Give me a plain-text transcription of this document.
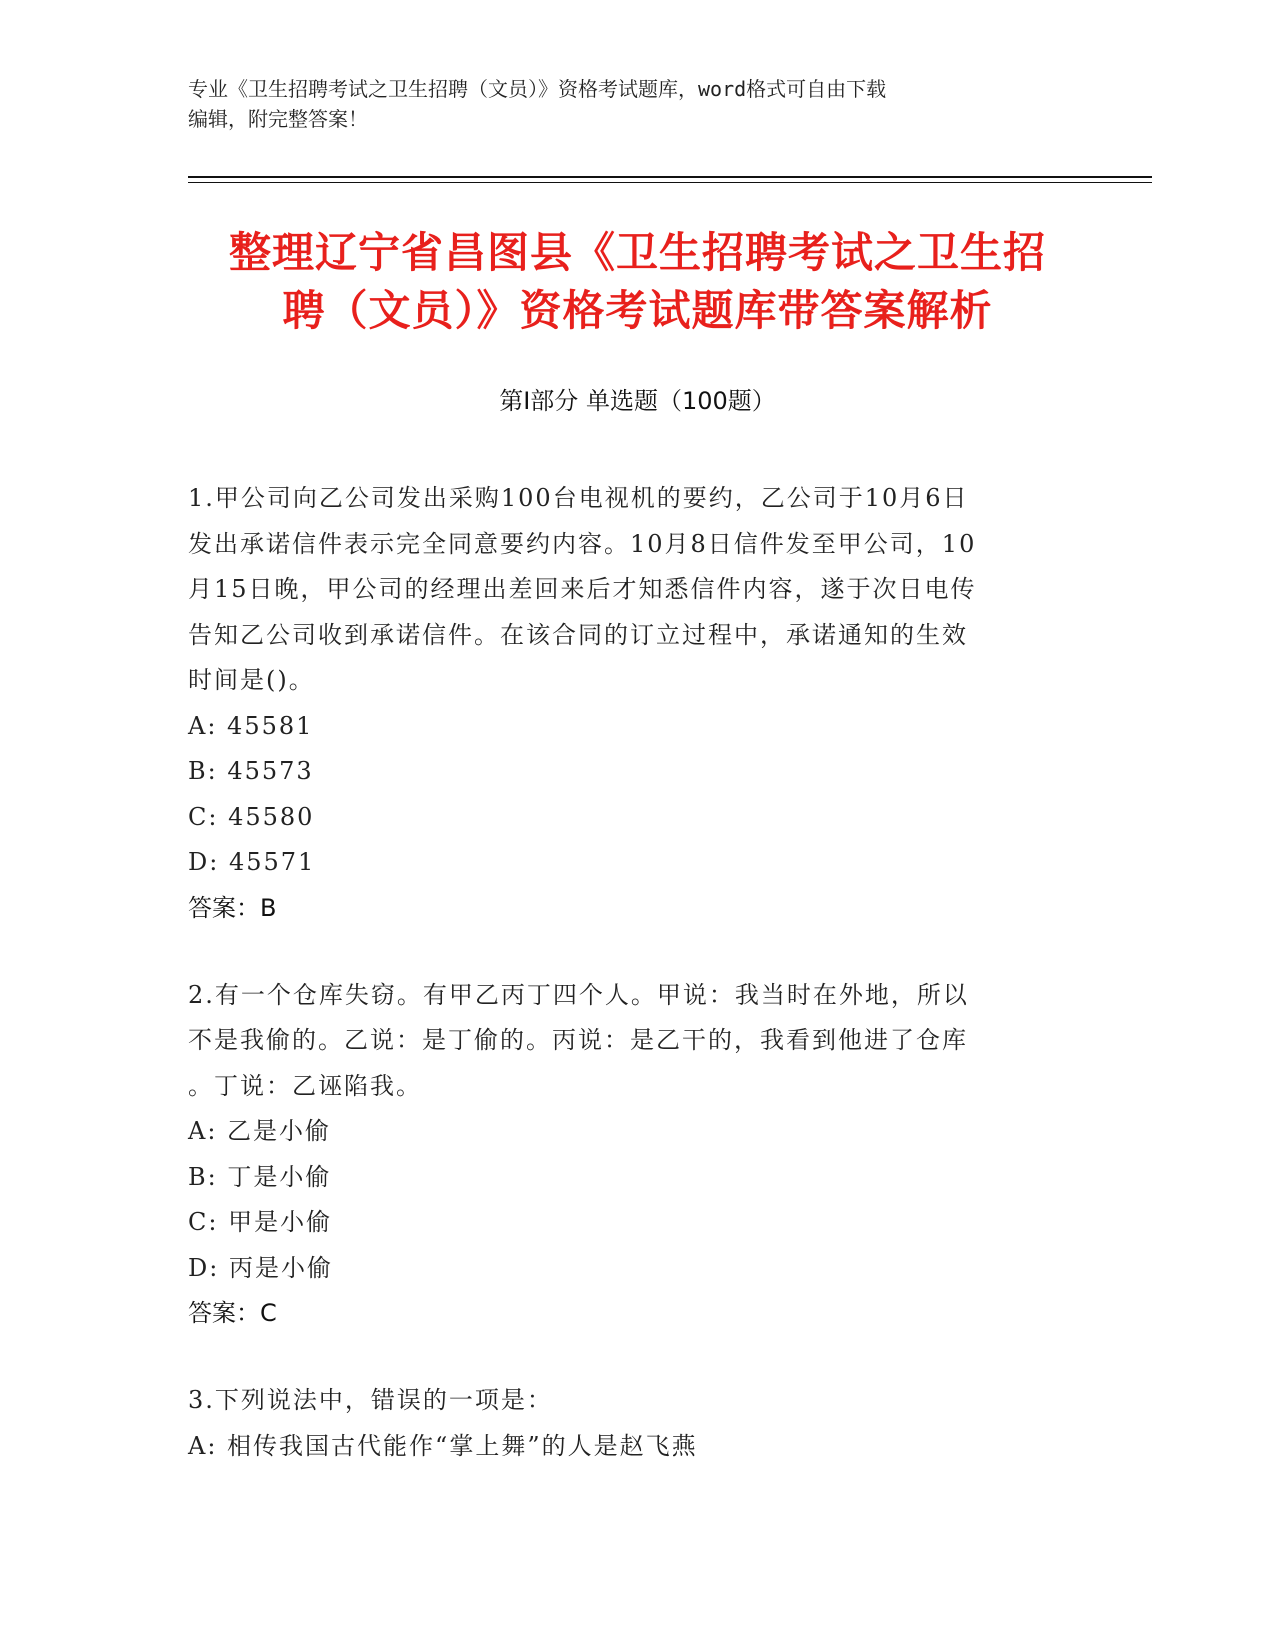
专业《卫生招聘考试之卫生招聘（文员）》资格考试题库，word格式可自由下载
编辑，附完整答案！
整理辽宁省昌图县《卫生招聘考试之卫生招
聘（文员）》资格考试题库带答案解析
第Ⅰ部分 单选题（100题）
1.甲公司向乙公司发出采购100台电视机的要约，乙公司于10月6日
发出承诺信件表示完全同意要约内容。10月8日信件发至甲公司，10
月15日晚，甲公司的经理出差回来后才知悉信件内容，遂于次日电传
告知乙公司收到承诺信件。在该合同的订立过程中，承诺通知的生效
时间是()。
A: 45581
B: 45573
C: 45580
D: 45571
答案：B
2.有一个仓库失窃。有甲乙丙丁四个人。甲说：我当时在外地，所以
不是我偷的。乙说：是丁偷的。丙说：是乙干的，我看到他进了仓库
。丁说：乙诬陷我。
A: 乙是小偷
B: 丁是小偷
C: 甲是小偷
D: 丙是小偷
答案：C
3.下列说法中，错误的一项是：
A: 相传我国古代能作“掌上舞”的人是赵飞燕
